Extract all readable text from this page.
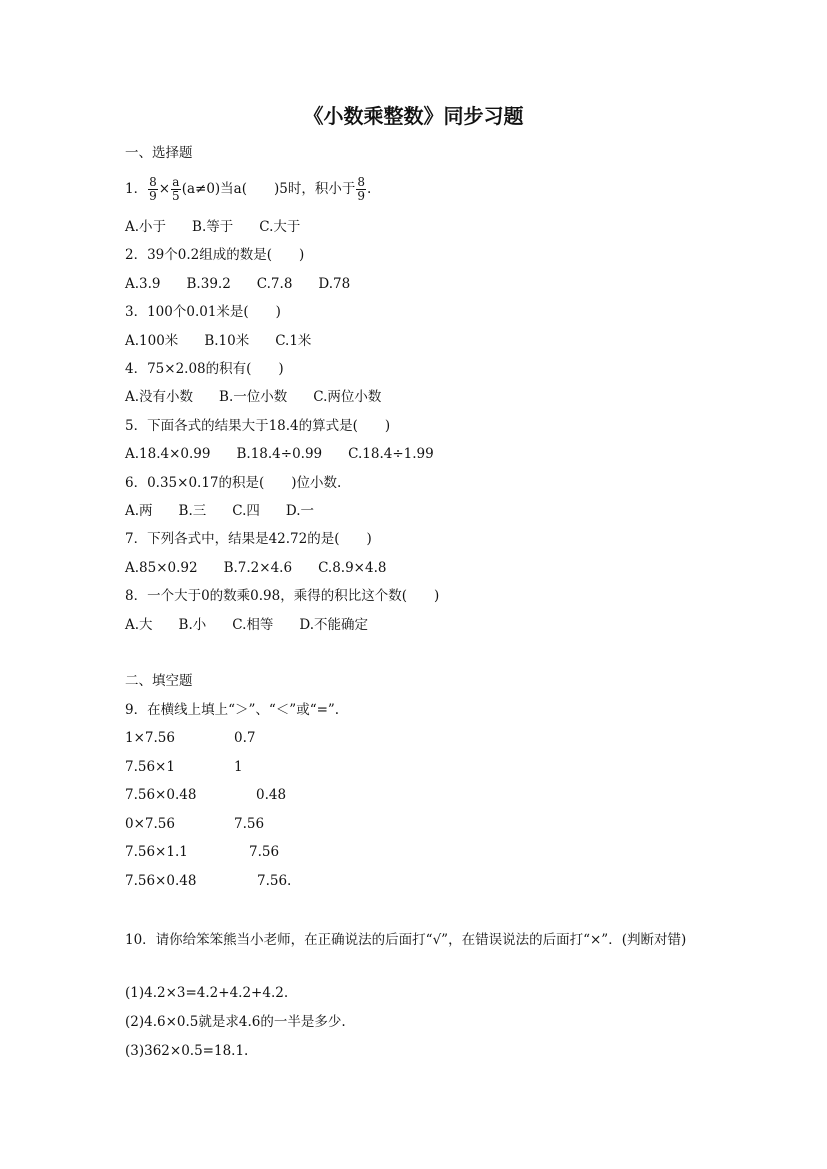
《小数乘整数》同步习题
一、选择题
1． $\frac{8}{9} \times \frac{a}{5} (a\ne 0)$当a(　　)5时，积小于 $\frac{8}{9}$ .
A.小于 B.等于 C.大于
2．39个0.2组成的数是(　　)
A.3.9 B.39.2 C.7.8 D.78
3．100个0.01米是(　　)
A.100米 B.10米 C.1米
4．75×2.08的积有(　　)
A.没有小数 B.一位小数 C.两位小数
5．下面各式的结果大于18.4的算式是(　　)
A.18.4×0.99 B.18.4÷0.99 C.18.4÷1.99
6．0.35×0.17的积是(　　)位小数.
A.两 B.三 C.四 D.一
7．下列各式中，结果是42.72的是(　　)
A.85×0.92 B.7.2×4.6 C.8.9×4.8
8．一个大于0的数乘0.98，乘得的积比这个数(　　)
A.大 B.小 C.相等 D.不能确定
二、填空题
9．在横线上填上“＞”、“＜”或“=”.
1×7.56	0.7
7.56×1	1
7.56×0.48	0.48
0×7.56	7.56
7.56×1.1	7.56
7.56×0.48	7.56.
10．请你给笨笨熊当小老师，在正确说法的后面打“√”，在错误说法的后面打“×”．(判断对错)
(1)4.2×3=4.2+4.2+4.2.
(2)4.6×0.5就是求4.6的一半是多少.
(3)362×0.5=18.1.
